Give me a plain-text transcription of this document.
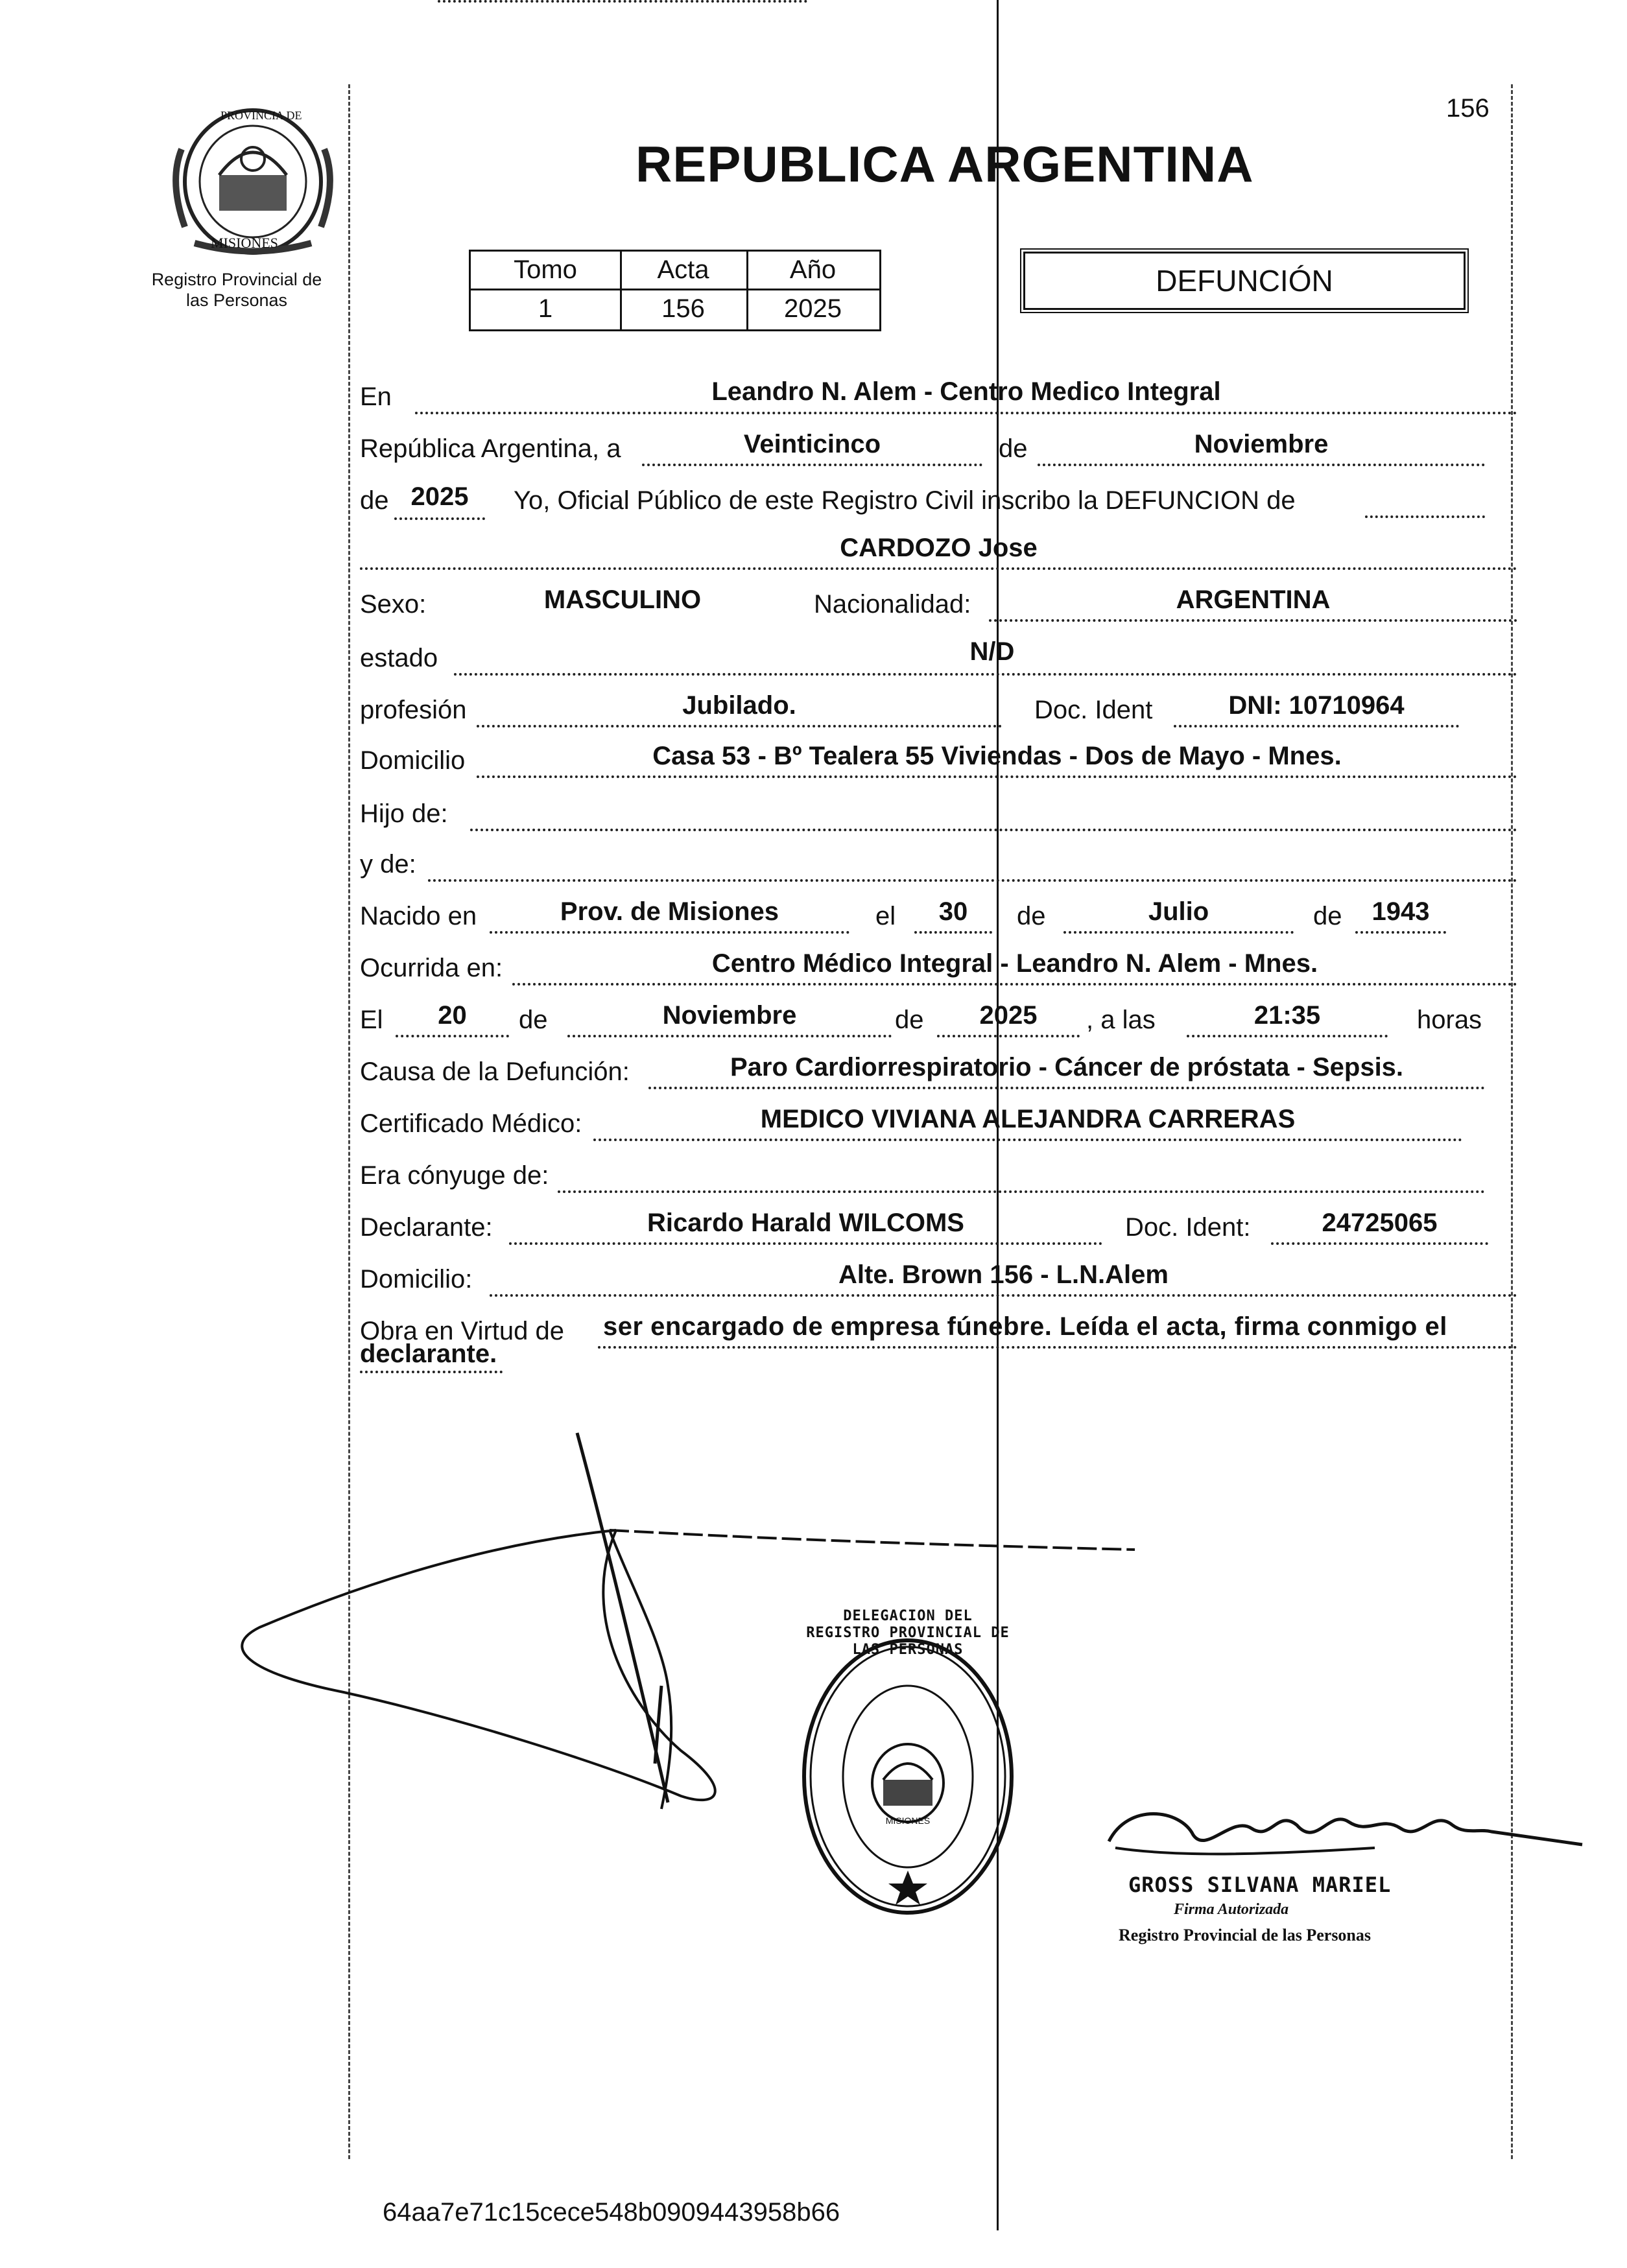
156
PROVINCIA DE
MISIONES
Registro Provincial de
las Personas
REPUBLICA ARGENTINA
Tomo	Acta	Año
1	156	2025
DEFUNCIÓN
En	Leandro N. Alem - Centro Medico Integral
República Argentina, a	Veinticinco	de	Noviembre
de 2025	Yo, Oficial Público de este Registro Civil inscribo la DEFUNCION de
CARDOZO Jose
Sexo:	MASCULINO	Nacionalidad:	ARGENTINA
estado	N/D
profesión	Jubilado.	Doc. Ident	DNI: 10710964
Domicilio	Casa 53 - Bº Tealera 55 Viviendas - Dos de Mayo - Mnes.
Hijo de:
y de:
Nacido en	Prov. de Misiones	el	30	de	Julio	de	1943
Ocurrida en:	Centro Médico Integral - Leandro N. Alem - Mnes.
El	20	de	Noviembre	de	2025	, a las	21:35	horas
Causa de la Defunción:	Paro Cardiorrespiratorio - Cáncer de próstata - Sepsis.
Certificado Médico:	MEDICO VIVIANA ALEJANDRA CARRERAS
Era cónyuge de:
Declarante:	Ricardo Harald WILCOMS	Doc. Ident:	24725065
Domicilio:	Alte. Brown 156 - L.N.Alem
Obra en Virtud de ser encargado de empresa fúnebre. Leída el acta, firma conmigo el
declarante.
DELEGACION DEL REGISTRO PROVINCIAL DE LAS PERSONAS
MISIONES
GROSS SILVANA MARIEL
Firma Autorizada
Registro Provincial de las Personas
64aa7e71c15cece548b0909443958b66
